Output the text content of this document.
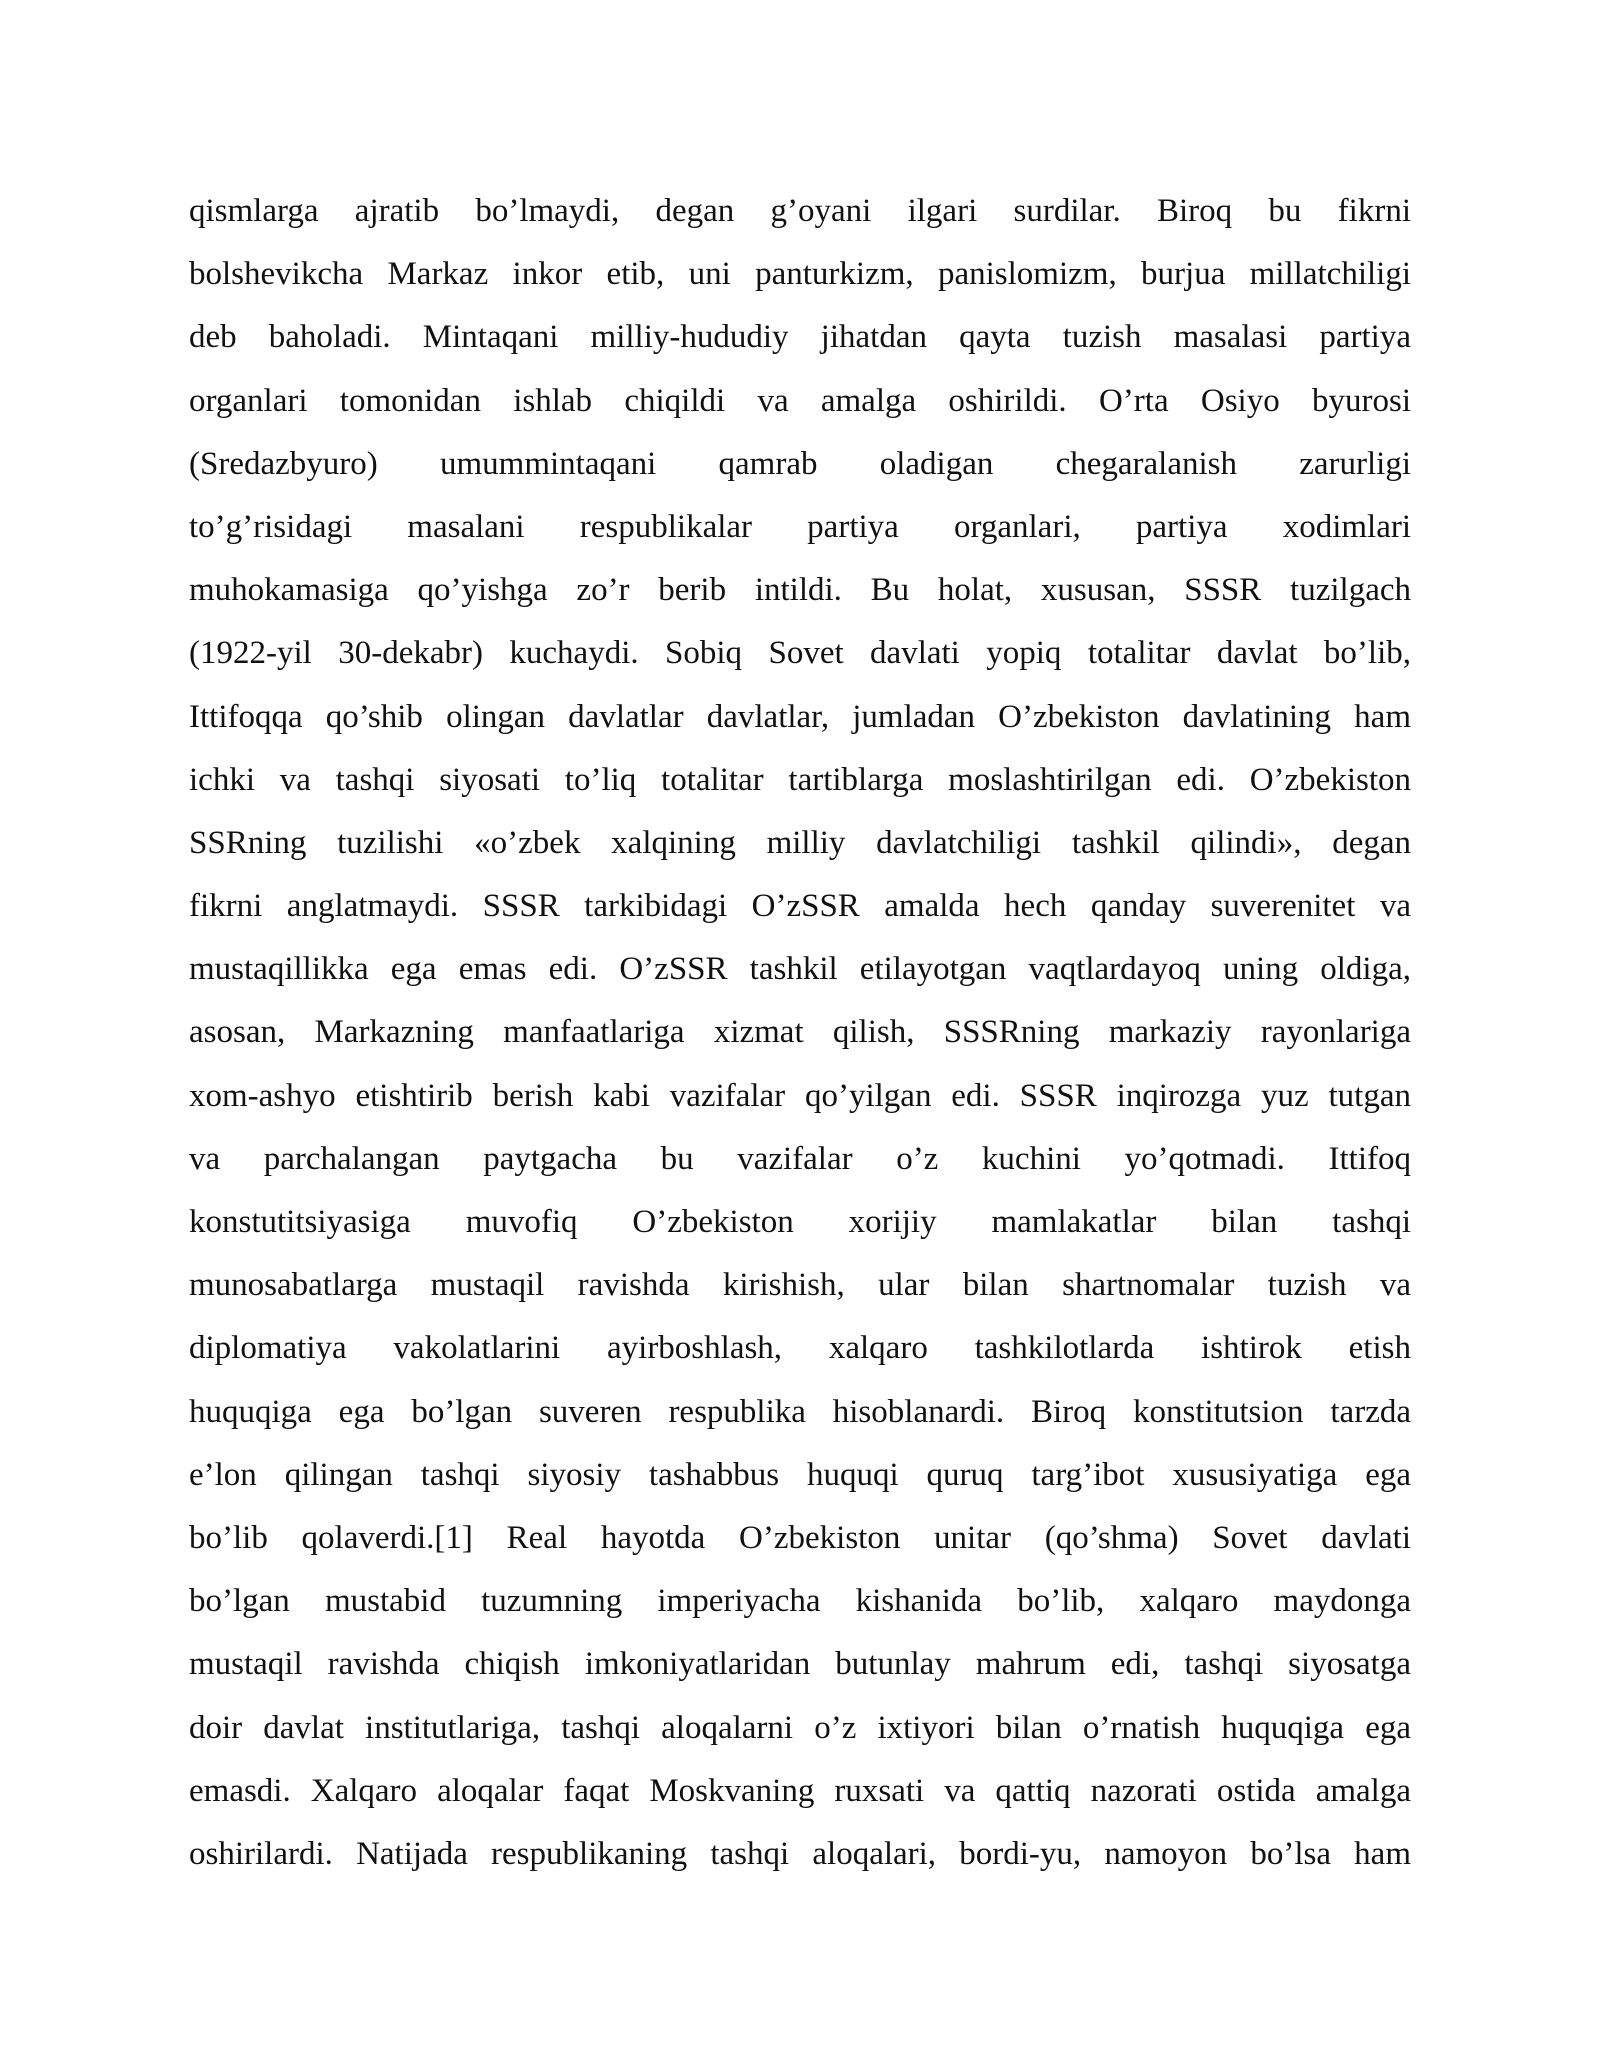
qismlarga ajratib bo’lmaydi, degan g’oyani ilgari surdilar. Biroq bu fikrni
bolshevikcha Markaz inkor etib, uni panturkizm, panislomizm, burjua millatchiligi
deb baholadi. Mintaqani milliy-hududiy jihatdan qayta tuzish masalasi partiya
organlari tomonidan ishlab chiqildi va amalga oshirildi. O’rta Osiyo byurosi
(Sredazbyuro) umummintaqani qamrab oladigan chegaralanish zarurligi
to’g’risidagi masalani respublikalar partiya organlari, partiya xodimlari
muhokamasiga qo’yishga zo’r berib intildi. Bu holat, xususan, SSSR tuzilgach
(1922-yil 30-dekabr) kuchaydi. Sobiq Sovet davlati yopiq totalitar davlat bo’lib,
Ittifoqqa qo’shib olingan davlatlar davlatlar, jumladan O’zbekiston davlatining ham
ichki va tashqi siyosati to’liq totalitar tartiblarga moslashtirilgan edi. O’zbekiston
SSRning tuzilishi «o’zbek xalqining milliy davlatchiligi tashkil qilindi», degan
fikrni anglatmaydi. SSSR tarkibidagi O’zSSR amalda hech qanday suverenitet va
mustaqillikka ega emas edi. O’zSSR tashkil etilayotgan vaqtlardayoq uning oldiga,
asosan, Markazning manfaatlariga xizmat qilish, SSSRning markaziy rayonlariga
xom-ashyo etishtirib berish kabi vazifalar qo’yilgan edi. SSSR inqirozga yuz tutgan
va parchalangan paytgacha bu vazifalar o’z kuchini yo’qotmadi. Ittifoq
konstutitsiyasiga muvofiq O’zbekiston xorijiy mamlakatlar bilan tashqi
munosabatlarga mustaqil ravishda kirishish, ular bilan shartnomalar tuzish va
diplomatiya vakolatlarini ayirboshlash, xalqaro tashkilotlarda ishtirok etish
huquqiga ega bo’lgan suveren respublika hisoblanardi. Biroq konstitutsion tarzda
e’lon qilingan tashqi siyosiy tashabbus huquqi quruq targ’ibot xususiyatiga ega
bo’lib qolaverdi.[1] Real hayotda O’zbekiston unitar (qo’shma) Sovet davlati
bo’lgan mustabid tuzumning imperiyacha kishanida bo’lib, xalqaro maydonga
mustaqil ravishda chiqish imkoniyatlaridan butunlay mahrum edi, tashqi siyosatga
doir davlat institutlariga, tashqi aloqalarni o’z ixtiyori bilan o’rnatish huquqiga ega
emasdi. Xalqaro aloqalar faqat Moskvaning ruxsati va qattiq nazorati ostida amalga
oshirilardi. Natijada respublikaning tashqi aloqalari, bordi-yu, namoyon bo’lsa ham
